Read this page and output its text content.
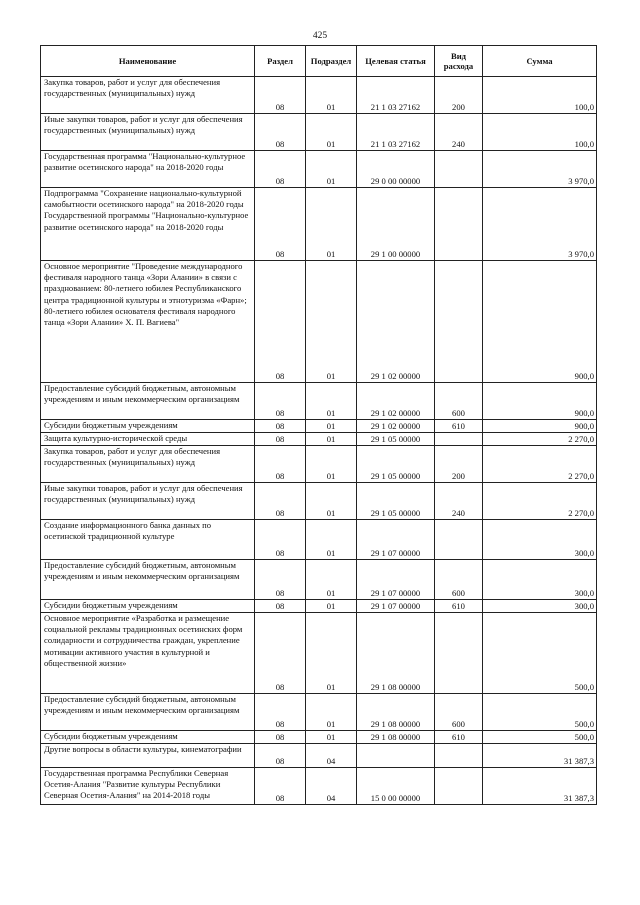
425
Наименование	Раздел	Подраздел	Целевая статья	Вид расхода	Сумма
Закупка товаров, работ и услуг для обеспечения государственных (муниципальных) нужд	08	01	21 1 03 27162	200	100,0
Иные закупки товаров, работ и услуг для обеспечения государственных (муниципальных) нужд	08	01	21 1 03 27162	240	100,0
Государственная программа "Национально-культурное развитие осетинского народа" на 2018-2020 годы	08	01	29 0 00 00000		3 970,0
Подпрограмма "Сохранение национально-культурной самобытности осетинского народа" на 2018-2020 годы Государственной программы "Национально-культурное развитие осетинского народа" на 2018-2020 годы	08	01	29 1 00 00000		3 970,0
Основное мероприятие "Проведение международного фестиваля народного танца «Зори Алании» в связи с празднованием: 80-летнего юбилея Республиканского центра традиционной культуры и этнотуризма «Фарн»; 80-летнего юбилея основателя фестиваля народного танца «Зори Алании» Х. П. Вагиева"	08	01	29 1 02 00000		900,0
Предоставление субсидий бюджетным, автономным учреждениям и иным некоммерческим организациям	08	01	29 1 02 00000	600	900,0
Субсидии бюджетным учреждениям	08	01	29 1 02 00000	610	900,0
Защита культурно-исторической среды	08	01	29 1 05 00000		2 270,0
Закупка товаров, работ и услуг для обеспечения государственных (муниципальных) нужд	08	01	29 1 05 00000	200	2 270,0
Иные закупки товаров, работ и услуг для обеспечения государственных (муниципальных) нужд	08	01	29 1 05 00000	240	2 270,0
Создание информационного банка данных по осетинской традиционной культуре	08	01	29 1 07 00000		300,0
Предоставление субсидий бюджетным, автономным учреждениям и иным некоммерческим организациям	08	01	29 1 07 00000	600	300,0
Субсидии бюджетным учреждениям	08	01	29 1 07 00000	610	300,0
Основное мероприятие «Разработка и размещение социальной рекламы традиционных осетинских форм солидарности и сотрудничества граждан, укрепление мотивации активного участия в культурной и общественной жизни»	08	01	29 1 08 00000		500,0
Предоставление субсидий бюджетным, автономным учреждениям и иным некоммерческим организациям	08	01	29 1 08 00000	600	500,0
Субсидии бюджетным учреждениям	08	01	29 1 08 00000	610	500,0
Другие вопросы в области культуры, кинематографии	08	04			31 387,3
Государственная программа Республики Северная Осетия-Алания "Развитие культуры Республики Северная Осетия-Алания" на 2014-2018 годы	08	04	15 0 00 00000		31 387,3
